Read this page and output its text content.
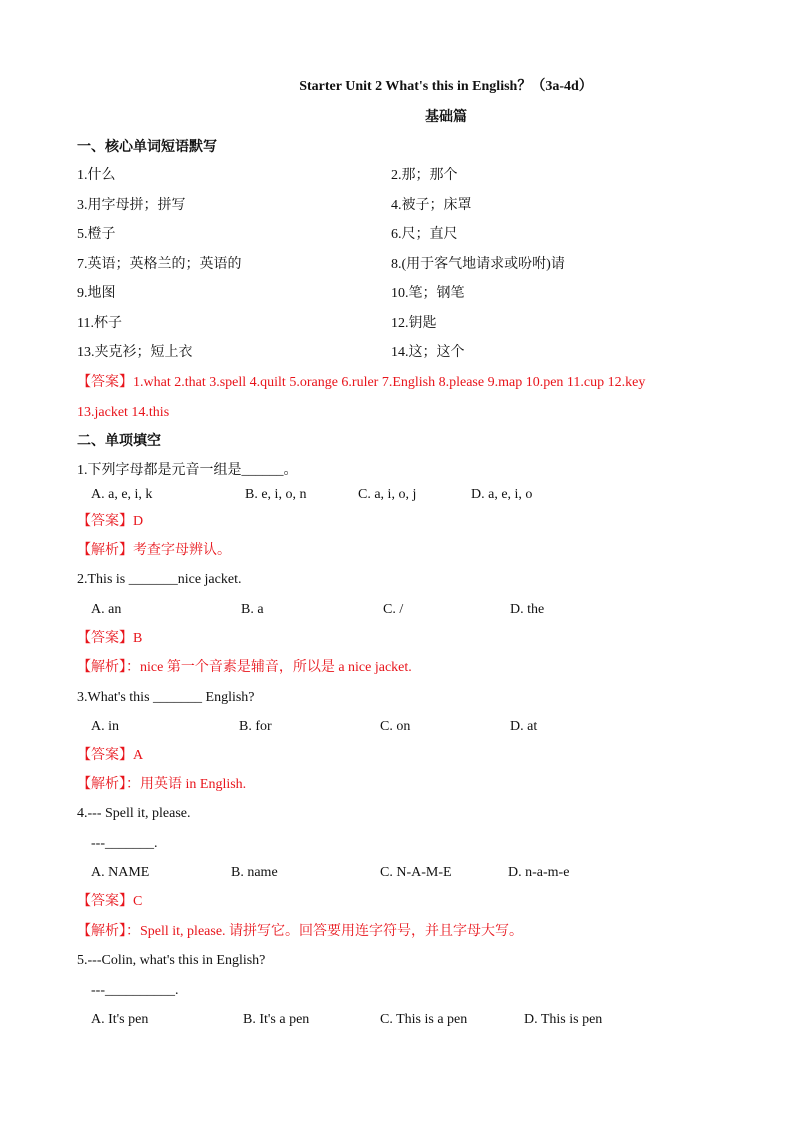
Starter Unit 2 What's this in English？（3a-4d）
基础篇
一、核心单词短语默写
1.什么	2.那；那个
3.用字母拼；拼写	4.被子；床罩
5.橙子	6.尺；直尺
7.英语；英格兰的；英语的	8.(用于客气地请求或吩咐)请
9.地图	10.笔；钢笔
11.杯子	12.钥匙
13.夹克衫；短上衣	14.这；这个
【答案】1.what 2.that 3.spell 4.quilt 5.orange 6.ruler 7.English 8.please 9.map 10.pen 11.cup 12.key
13.jacket 14.this
二、单项填空
1.下列字母都是元音一组是______。
A. a, e, i, k	B. e, i, o, n	C. a, i, o, j	D. a, e, i, o
【答案】D
【解析】考查字母辨认。
2.This is _______nice jacket.
A. an	B. a	C. /	D. the
【答案】B
【解析】：nice 第一个音素是辅音，所以是 a nice jacket.
3.What's this _______ English?
A. in	B. for	C. on	D. at
【答案】A
【解析】：用英语 in English.
4.--- Spell it, please.
---_______.
A. NAME	B. name	C. N-A-M-E	D. n-a-m-e
【答案】C
【解析】：Spell it, please. 请拼写它。回答要用连字符号，并且字母大写。
5.---Colin, what's this in English?
---__________.
A. It's pen	B. It's a pen	C. This is a pen	D. This is pen
